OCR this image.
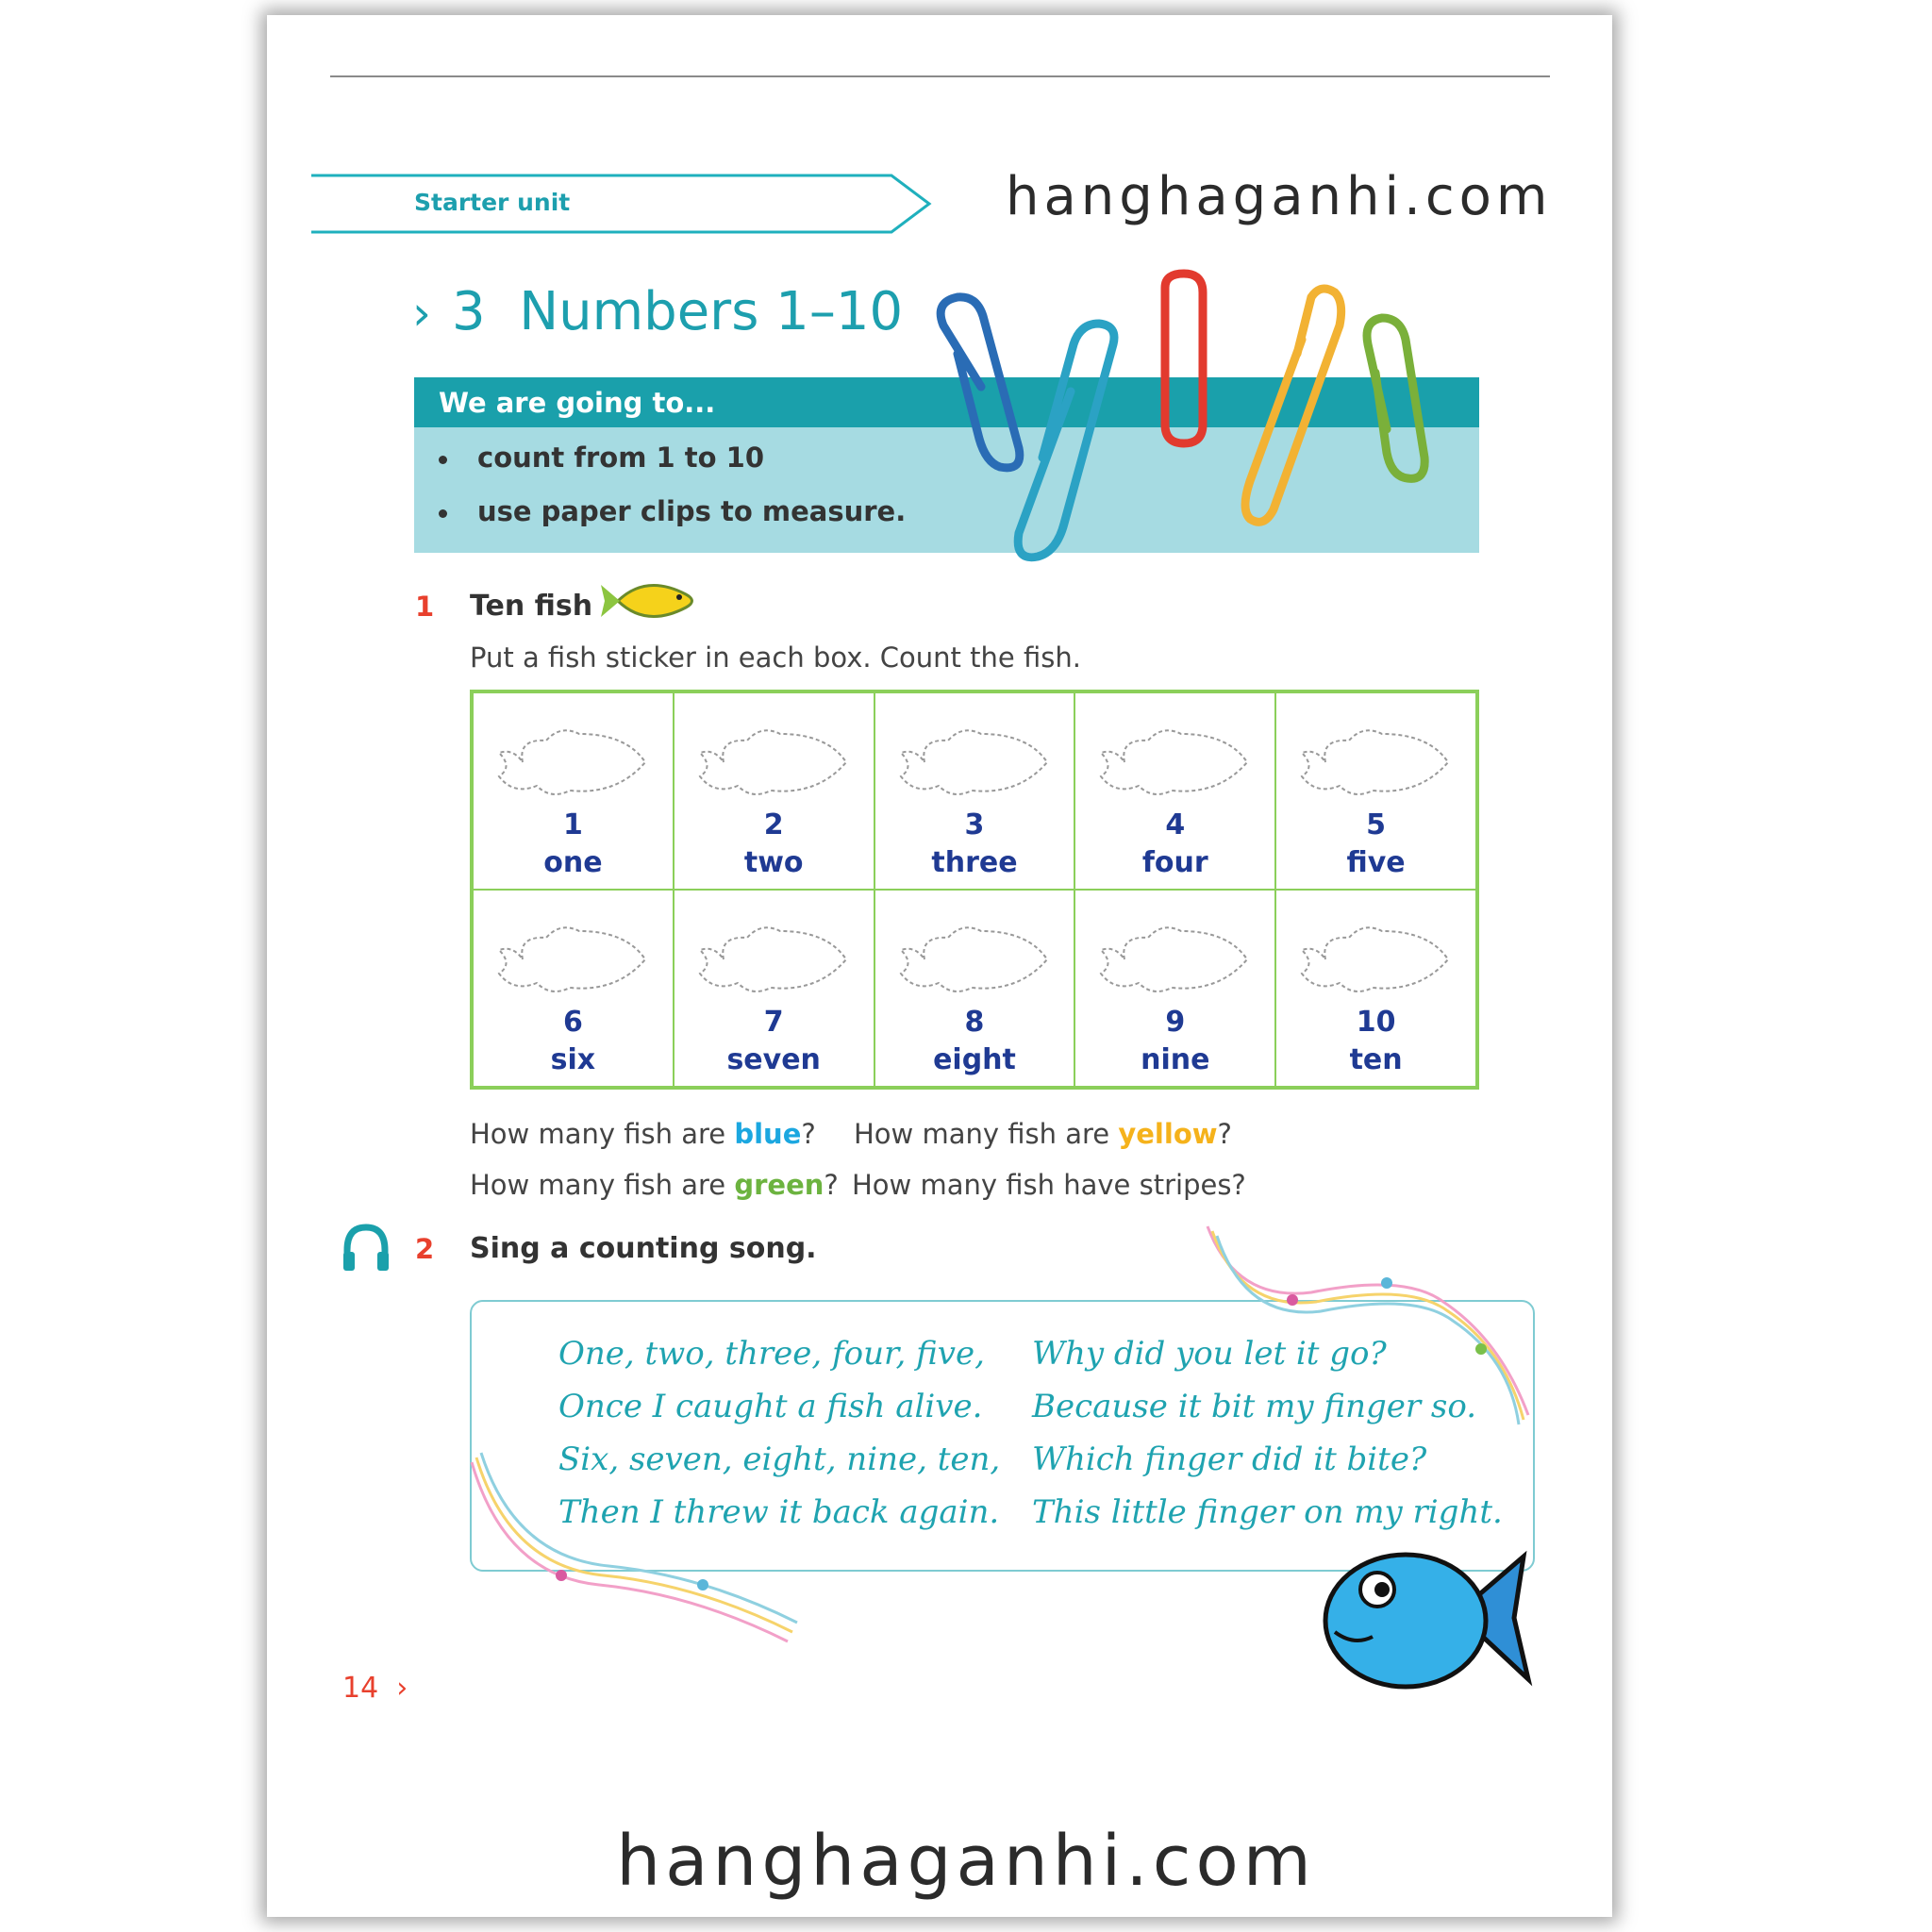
Starter unit	hanghaganhi.com
› 3 Numbers 1–10
We are going to...
count from 1 to 10
use paper clips to measure.
1 Ten fish
Put a fish sticker in each box. Count the fish.
1
one
2
two
3
three
4
four
5
five
6
six
7
seven
8
eight
9
nine
10
ten
How many fish are blue? How many fish are yellow?
How many fish are green? How many fish have stripes?
2 Sing a counting song.
One, two, three, four, five,
Once I caught a fish alive.
Six, seven, eight, nine, ten,
Then I threw it back again.
Why did you let it go?
Because it bit my finger so.
Which finger did it bite?
This little finger on my right.
14 ›
hanghaganhi.com
